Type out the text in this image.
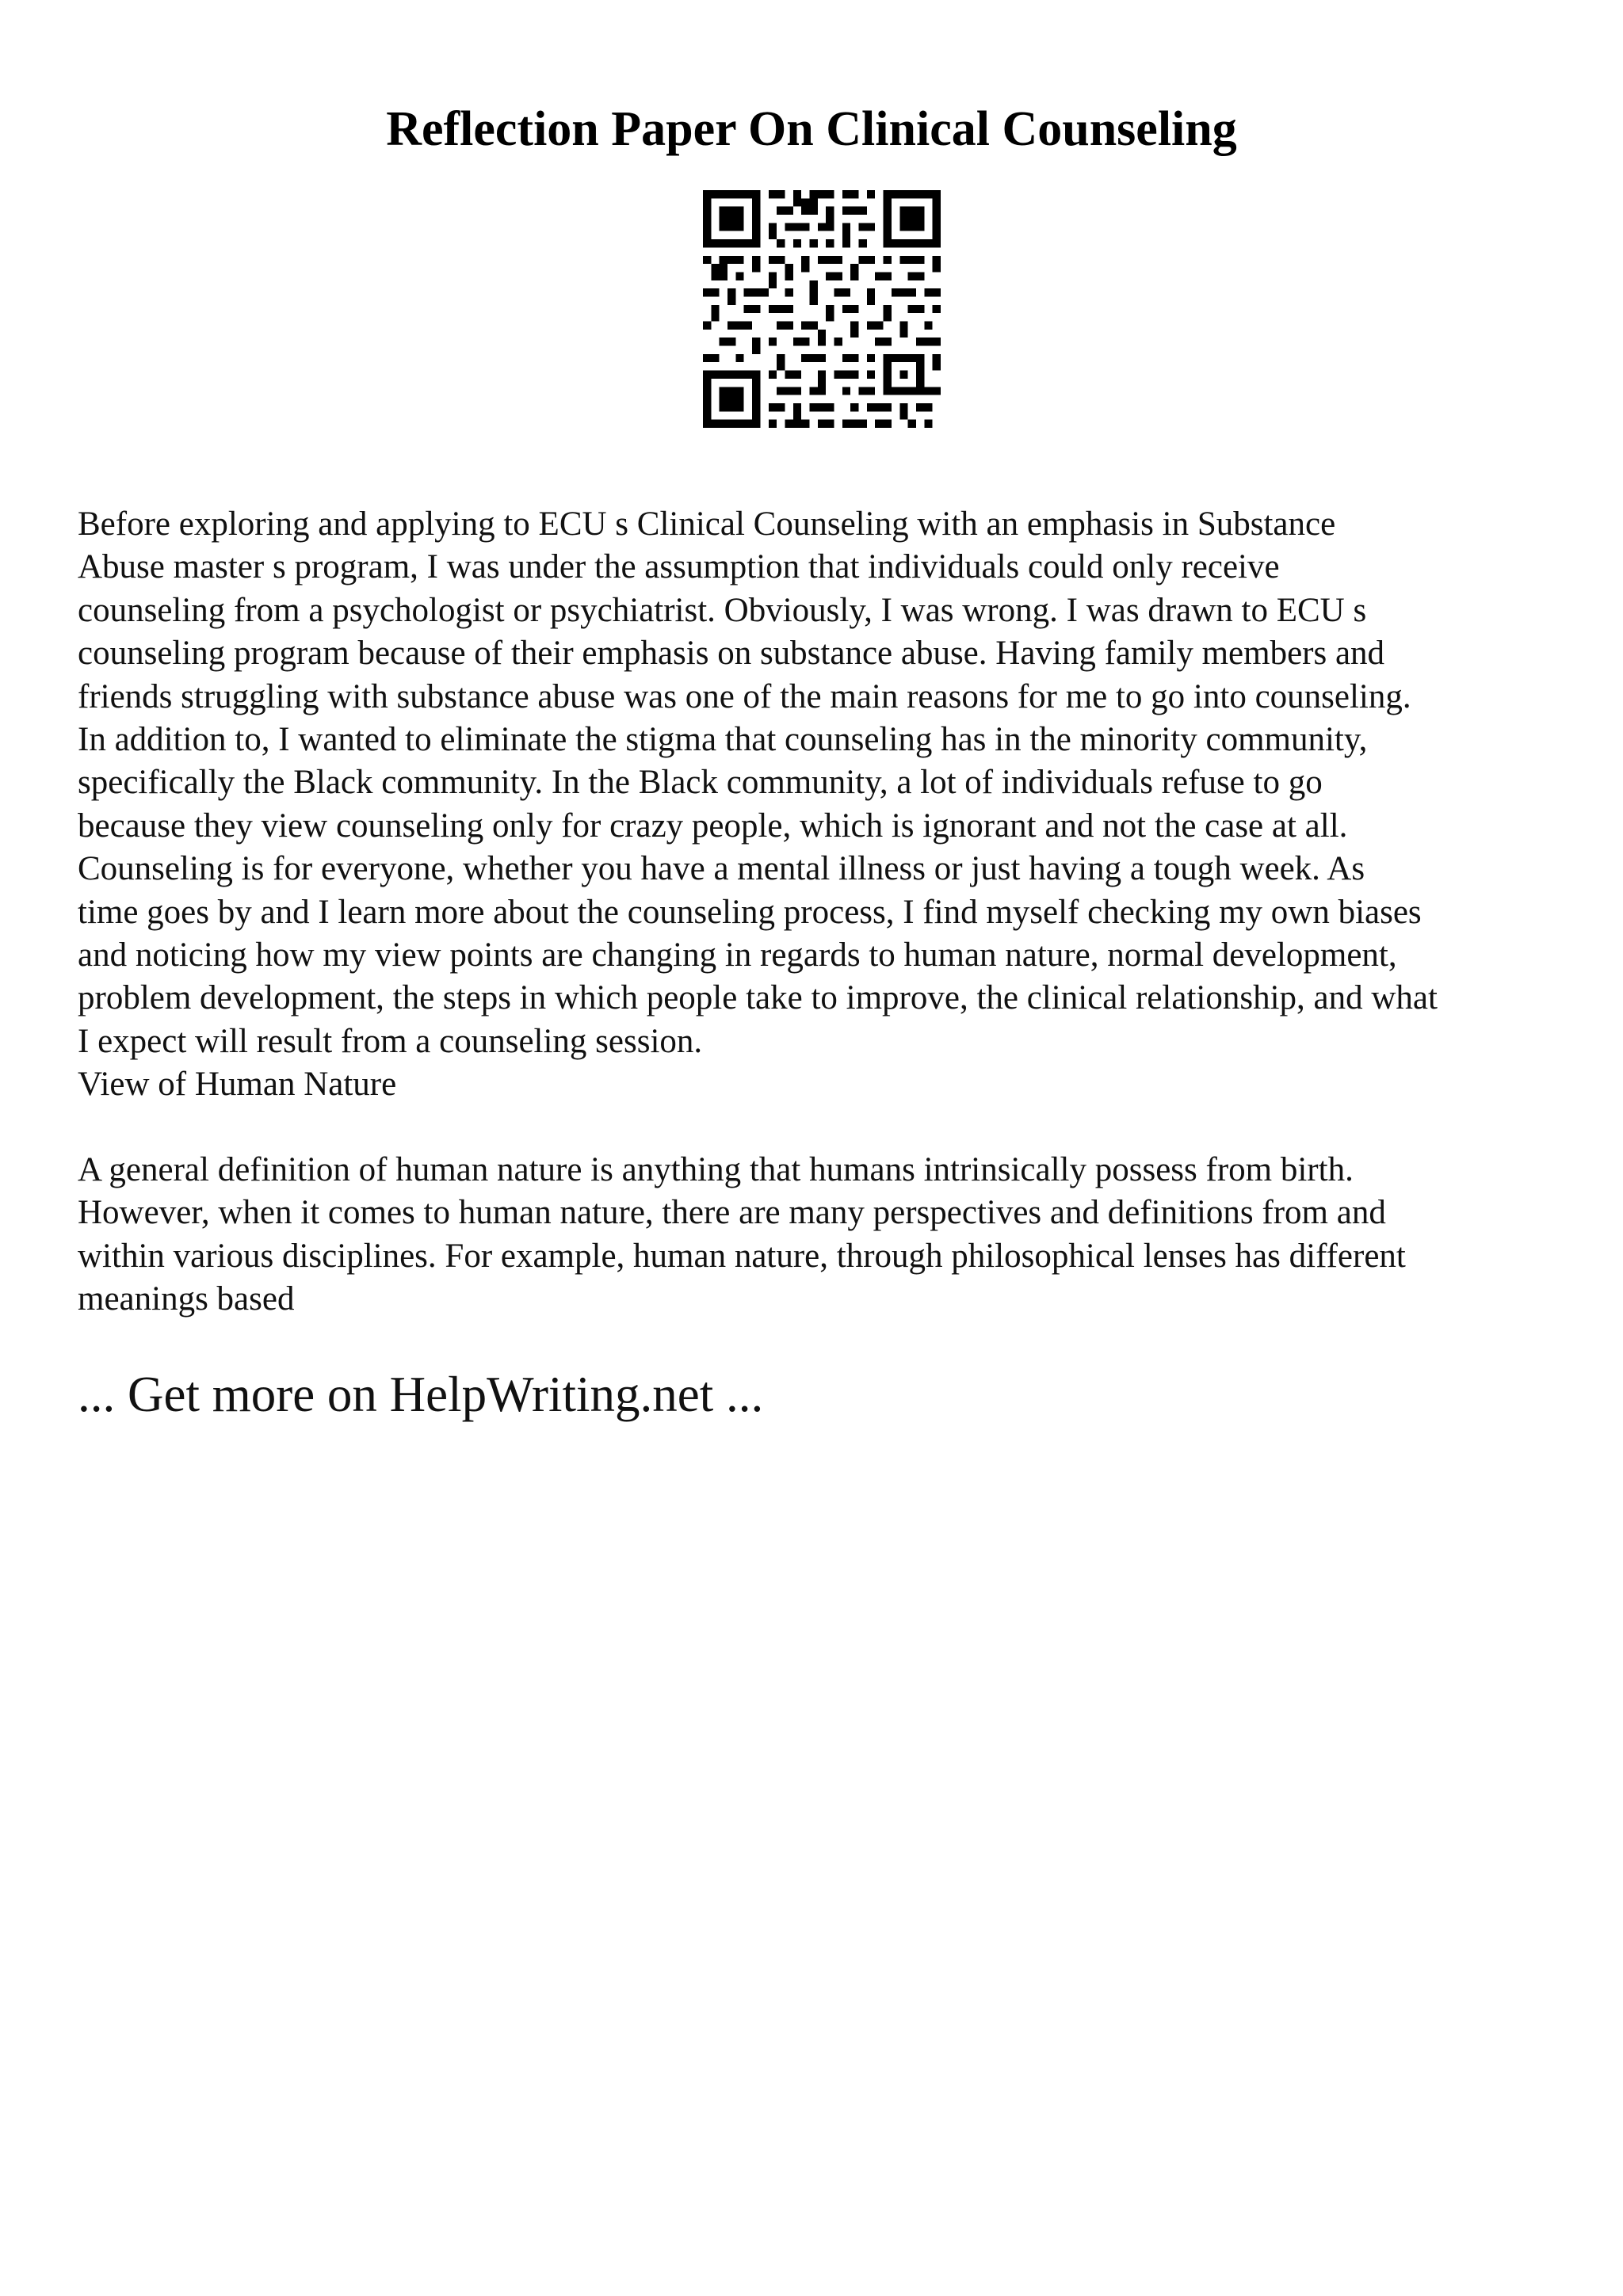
Reflection Paper On Clinical Counseling
Before exploring and applying to ECU s Clinical Counseling with an emphasis in Substance
Abuse master s program, I was under the assumption that individuals could only receive
counseling from a psychologist or psychiatrist. Obviously, I was wrong. I was drawn to ECU s
counseling program because of their emphasis on substance abuse. Having family members and
friends struggling with substance abuse was one of the main reasons for me to go into counseling.
In addition to, I wanted to eliminate the stigma that counseling has in the minority community,
specifically the Black community. In the Black community, a lot of individuals refuse to go
because they view counseling only for crazy people, which is ignorant and not the case at all.
Counseling is for everyone, whether you have a mental illness or just having a tough week. As
time goes by and I learn more about the counseling process, I find myself checking my own biases
and noticing how my view points are changing in regards to human nature, normal development,
problem development, the steps in which people take to improve, the clinical relationship, and what
I expect will result from a counseling session.
View of Human Nature
A general definition of human nature is anything that humans intrinsically possess from birth.
However, when it comes to human nature, there are many perspectives and definitions from and
within various disciplines. For example, human nature, through philosophical lenses has different
meanings based

... Get more on HelpWriting.net ...
